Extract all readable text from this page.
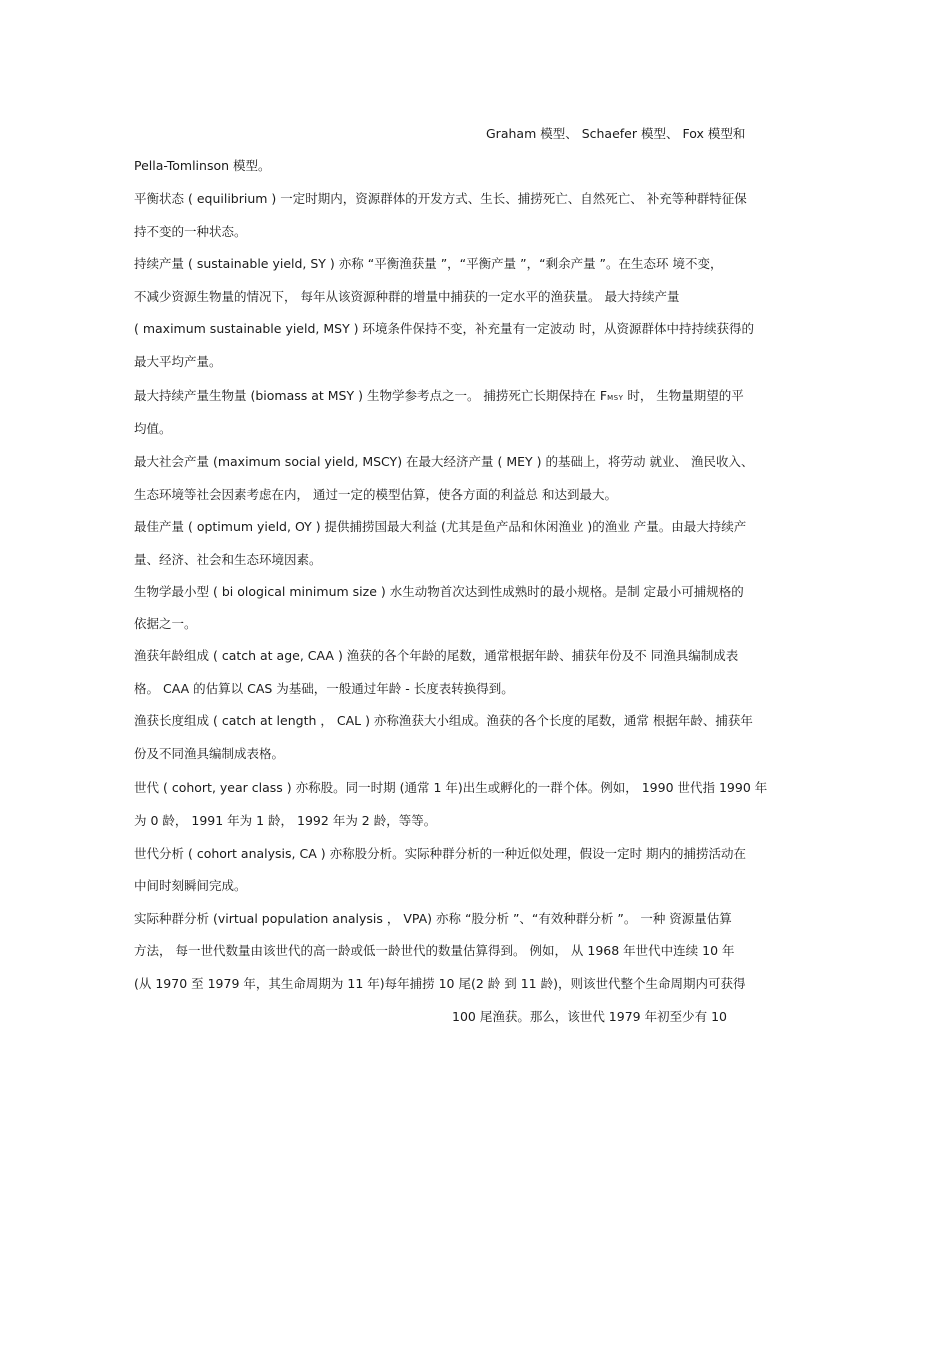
Graham 模型、 Schaefer 模型、 Fox 模型和
Pella-Tomlinson 模型。
平衡状态 ( equilibrium ) 一定时期内，资源群体的开发方式、生长、捕捞死亡、自然死亡、 补充等种群特征保
持不变的一种状态。
持续产量 ( sustainable yield, SY ) 亦称 “平衡渔获量 ”，“平衡产量 ”，“剩余产量 ”。在生态环 境不变，
不减少资源生物量的情况下， 每年从该资源种群的增量中捕获的一定水平的渔获量。 最大持续产量
( maximum sustainable yield, MSY ) 环境条件保持不变，补充量有一定波动 时，从资源群体中持持续获得的
最大平均产量。
最大持续产量生物量 (biomass at MSY ) 生物学参考点之一。 捕捞死亡长期保持在 FMSY 时， 生物量期望的平
均值。
最大社会产量 (maximum social yield, MSCY) 在最大经济产量 ( MEY ) 的基础上，将劳动 就业、 渔民收入、
生态环境等社会因素考虑在内， 通过一定的模型估算，使各方面的利益总 和达到最大。
最佳产量 ( optimum yield, OY ) 提供捕捞国最大利益 (尤其是鱼产品和休闲渔业 )的渔业 产量。由最大持续产
量、经济、社会和生态环境因素。
生物学最小型 ( bi ological minimum size ) 水生动物首次达到性成熟时的最小规格。是制 定最小可捕规格的
依据之一。
渔获年龄组成 ( catch at age, CAA ) 渔获的各个年龄的尾数，通常根据年龄、捕获年份及不 同渔具编制成表
格。 CAA 的估算以 CAS 为基础，一般通过年龄 - 长度表转换得到。
渔获长度组成 ( catch at length ， CAL ) 亦称渔获大小组成。渔获的各个长度的尾数，通常 根据年龄、捕获年
份及不同渔具编制成表格。
世代 ( cohort, year class ) 亦称股。同一时期 (通常 1 年)出生或孵化的一群个体。例如， 1990 世代指 1990 年
为 0 龄， 1991 年为 1 龄， 1992 年为 2 龄，等等。
世代分析 ( cohort analysis, CA ) 亦称股分析。实际种群分析的一种近似处理，假设一定时 期内的捕捞活动在
中间时刻瞬间完成。
实际种群分析 (virtual population analysis ， VPA) 亦称 “股分析 ”、“有效种群分析 ”。 一种 资源量估算
方法， 每一世代数量由该世代的高一龄或低一龄世代的数量估算得到。 例如， 从 1968 年世代中连续 10 年
(从 1970 至 1979 年，其生命周期为 11 年)每年捕捞 10 尾(2 龄 到 11 龄)，则该世代整个生命周期内可获得
100 尾渔获。那么，该世代 1979 年初至少有 10
